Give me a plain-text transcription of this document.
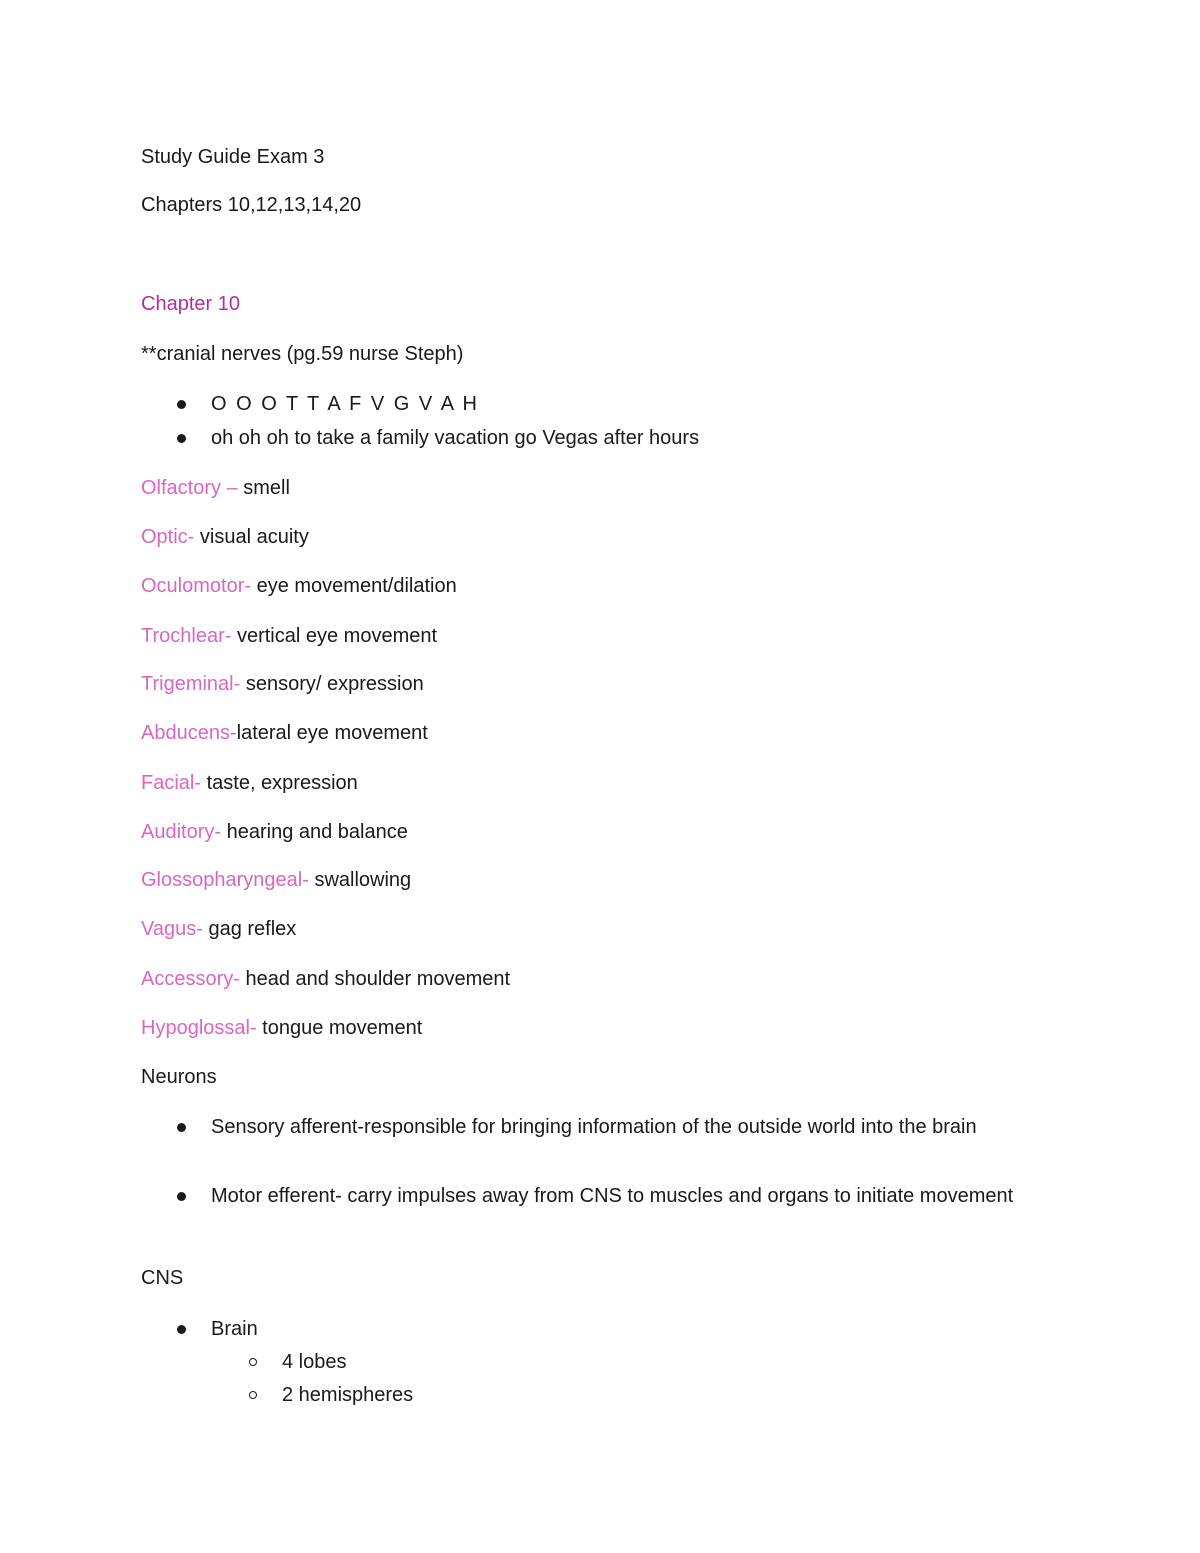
Study Guide Exam 3

Chapters 10,12,13,14,20

Chapter 10

**cranial nerves (pg.59 nurse Steph)

O O O T T A F V G V A H
oh oh oh to take a family vacation go Vegas after hours

Olfactory – smell

Optic- visual acuity

Oculomotor- eye movement/dilation

Trochlear- vertical eye movement

Trigeminal- sensory/ expression

Abducens-lateral eye movement

Facial- taste, expression

Auditory- hearing and balance

Glossopharyngeal- swallowing

Vagus- gag reflex

Accessory- head and shoulder movement

Hypoglossal- tongue movement

Neurons

Sensory afferent-responsible for bringing information of the outside world into the brain
Motor efferent- carry impulses away from CNS to muscles and organs to initiate movement

CNS

Brain
4 lobes
2 hemispheres
